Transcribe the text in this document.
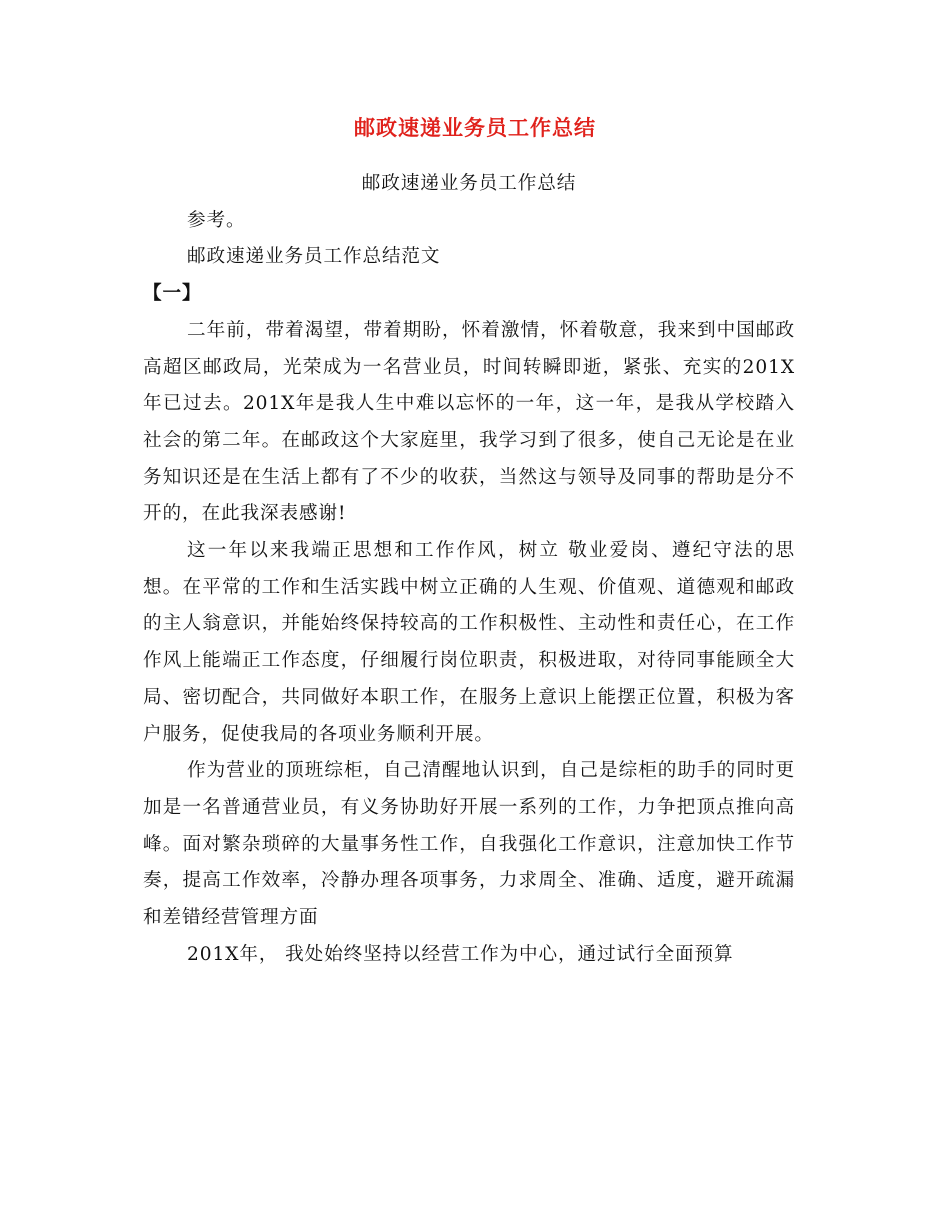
邮政速递业务员工作总结

邮政速递业务员工作总结

参考。

邮政速递业务员工作总结范文

【一】

二年前，带着渴望，带着期盼，怀着激情，怀着敬意，我来到中国邮政高超区邮政局，光荣成为一名营业员，时间转瞬即逝，紧张、充实的201X年已过去。201X年是我人生中难以忘怀的一年，这一年，是我从学校踏入社会的第二年。在邮政这个大家庭里，我学习到了很多，使自己无论是在业务知识还是在生活上都有了不少的收获，当然这与领导及同事的帮助是分不开的，在此我深表感谢!

这一年以来我端正思想和工作作风，树立 敬业爱岗、遵纪守法的思想。在平常的工作和生活实践中树立正确的人生观、价值观、道德观和邮政的主人翁意识，并能始终保持较高的工作积极性、主动性和责任心，在工作作风上能端正工作态度，仔细履行岗位职责，积极进取，对待同事能顾全大局、密切配合，共同做好本职工作，在服务上意识上能摆正位置，积极为客户服务，促使我局的各项业务顺利开展。

作为营业的顶班综柜，自己清醒地认识到，自己是综柜的助手的同时更加是一名普通营业员，有义务协助好开展一系列的工作，力争把顶点推向高峰。面对繁杂琐碎的大量事务性工作，自我强化工作意识，注意加快工作节奏，提高工作效率，冷静办理各项事务，力求周全、准确、适度，避开疏漏和差错经营管理方面

201X年， 我处始终坚持以经营工作为中心，通过试行全面预算
